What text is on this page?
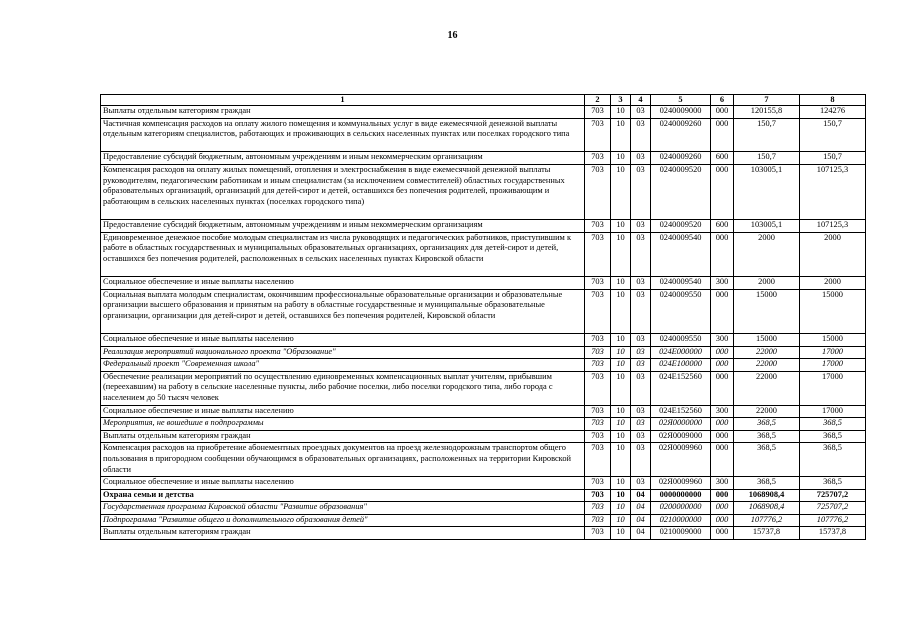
16
1	2	3	4	5	6	7	8
Выплаты отдельным категориям граждан	703	10	03	0240009000	000	120155,8	124276
Частичная компенсация расходов на оплату жилого помещения и коммунальных услуг в виде ежемесячной денежной выплаты отдельным категориям специалистов, работающих и проживающих в сельских населенных пунктах или поселках городского типа	703	10	03	0240009260	000	150,7	150,7
Предоставление субсидий бюджетным, автономным учреждениям и иным некоммерческим организациям	703	10	03	0240009260	600	150,7	150,7
Компенсация расходов на оплату жилых помещений, отопления и электроснабжения в виде ежемесячной денежной выплаты руководителям, педагогическим работникам и иным специалистам (за исключением совместителей) областных государственных образовательных организаций, организаций для детей-сирот и детей, оставшихся без попечения родителей, проживающим и работающим в сельских населенных пунктах (поселках городского типа)	703	10	03	0240009520	000	103005,1	107125,3
Предоставление субсидий бюджетным, автономным учреждениям и иным некоммерческим организациям	703	10	03	0240009520	600	103005,1	107125,3
Единовременное денежное пособие молодым специалистам из числа руководящих и педагогических работников, приступившим к работе в областных государственных и муниципальных образовательных организациях, организациях для детей-сирот и детей, оставшихся без попечения родителей, расположенных в сельских населенных пунктах Кировской области	703	10	03	0240009540	000	2000	2000
Социальное обеспечение и иные выплаты населению	703	10	03	0240009540	300	2000	2000
Социальная выплата молодым специалистам, окончившим профессиональные образовательные организации и образовательные организации высшего образования и принятым на работу в областные государственные и муниципальные образовательные организации, организации для детей-сирот и детей, оставшихся без попечения родителей, Кировской области	703	10	03	0240009550	000	15000	15000
Социальное обеспечение и иные выплаты населению	703	10	03	0240009550	300	15000	15000
Реализация мероприятий национального проекта "Образование"	703	10	03	024E000000	000	22000	17000
Федеральный проект "Современная школа"	703	10	03	024E100000	000	22000	17000
Обеспечение реализации мероприятий по осуществлению единовременных компенсационных выплат учителям, прибывшим (переехавшим) на работу в сельские населенные пункты, либо рабочие поселки, либо поселки городского типа, либо города с населением до 50 тысяч человек	703	10	03	024E152560	000	22000	17000
Социальное обеспечение и иные выплаты населению	703	10	03	024E152560	300	22000	17000
Мероприятия, не вошедшие в подпрограммы	703	10	03	02Я0000000	000	368,5	368,5
Выплаты отдельным категориям граждан	703	10	03	02Я0009000	000	368,5	368,5
Компенсация расходов на приобретение абонементных проездных документов на проезд железнодорожным транспортом общего пользования в пригородном сообщении обучающимся в образовательных организациях, расположенных на территории Кировской области	703	10	03	02Я0009960	000	368,5	368,5
Социальное обеспечение и иные выплаты населению	703	10	03	02Я0009960	300	368,5	368,5
Охрана семьи и детства	703	10	04	0000000000	000	1068908,4	725707,2
Государственная программа Кировской области "Развитие образования"	703	10	04	0200000000	000	1068908,4	725707,2
Подпрограмма "Развитие общего и дополнительного образования детей"	703	10	04	0210000000	000	107776,2	107776,2
Выплаты отдельным категориям граждан	703	10	04	0210009000	000	15737,8	15737,8
